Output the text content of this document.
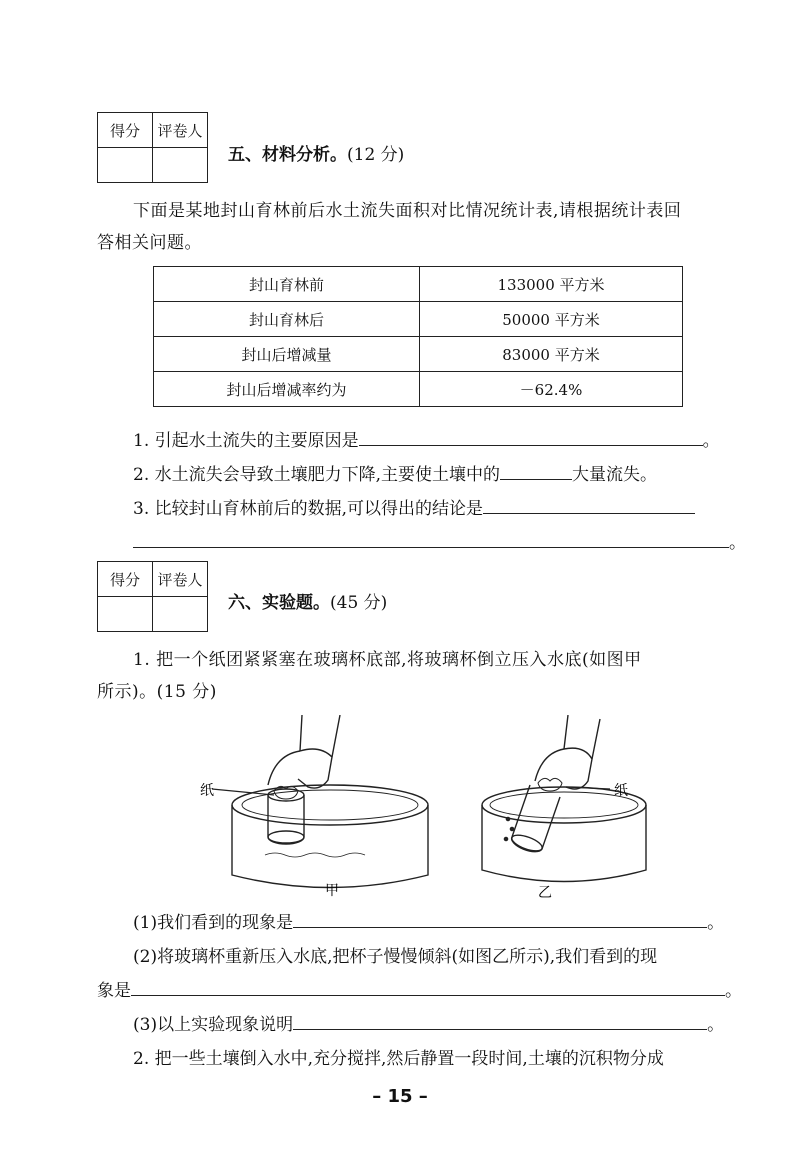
得分	评卷人

五、材料分析。(12 分)
下面是某地封山育林前后水土流失面积对比情况统计表,请根据统计表回
答相关问题。
封山育林前	133000 平方米
封山育林后	50000 平方米
封山后增减量	83000 平方米
封山后增减率约为	－62.4%
1. 引起水土流失的主要原因是	。
2. 水土流失会导致土壤肥力下降,主要使土壤中的	大量流失。
3. 比较封山育林前后的数据,可以得出的结论是
。
得分	评卷人

六、实验题。(45 分)
1. 把一个纸团紧紧塞在玻璃杯底部,将玻璃杯倒立压入水底(如图甲
所示)。(15 分)
纸
甲
纸
乙
(1)我们看到的现象是	。
(2)将玻璃杯重新压入水底,把杯子慢慢倾斜(如图乙所示),我们看到的现
象是	。
(3)以上实验现象说明	。
2. 把一些土壤倒入水中,充分搅拌,然后静置一段时间,土壤的沉积物分成
– 15 –
